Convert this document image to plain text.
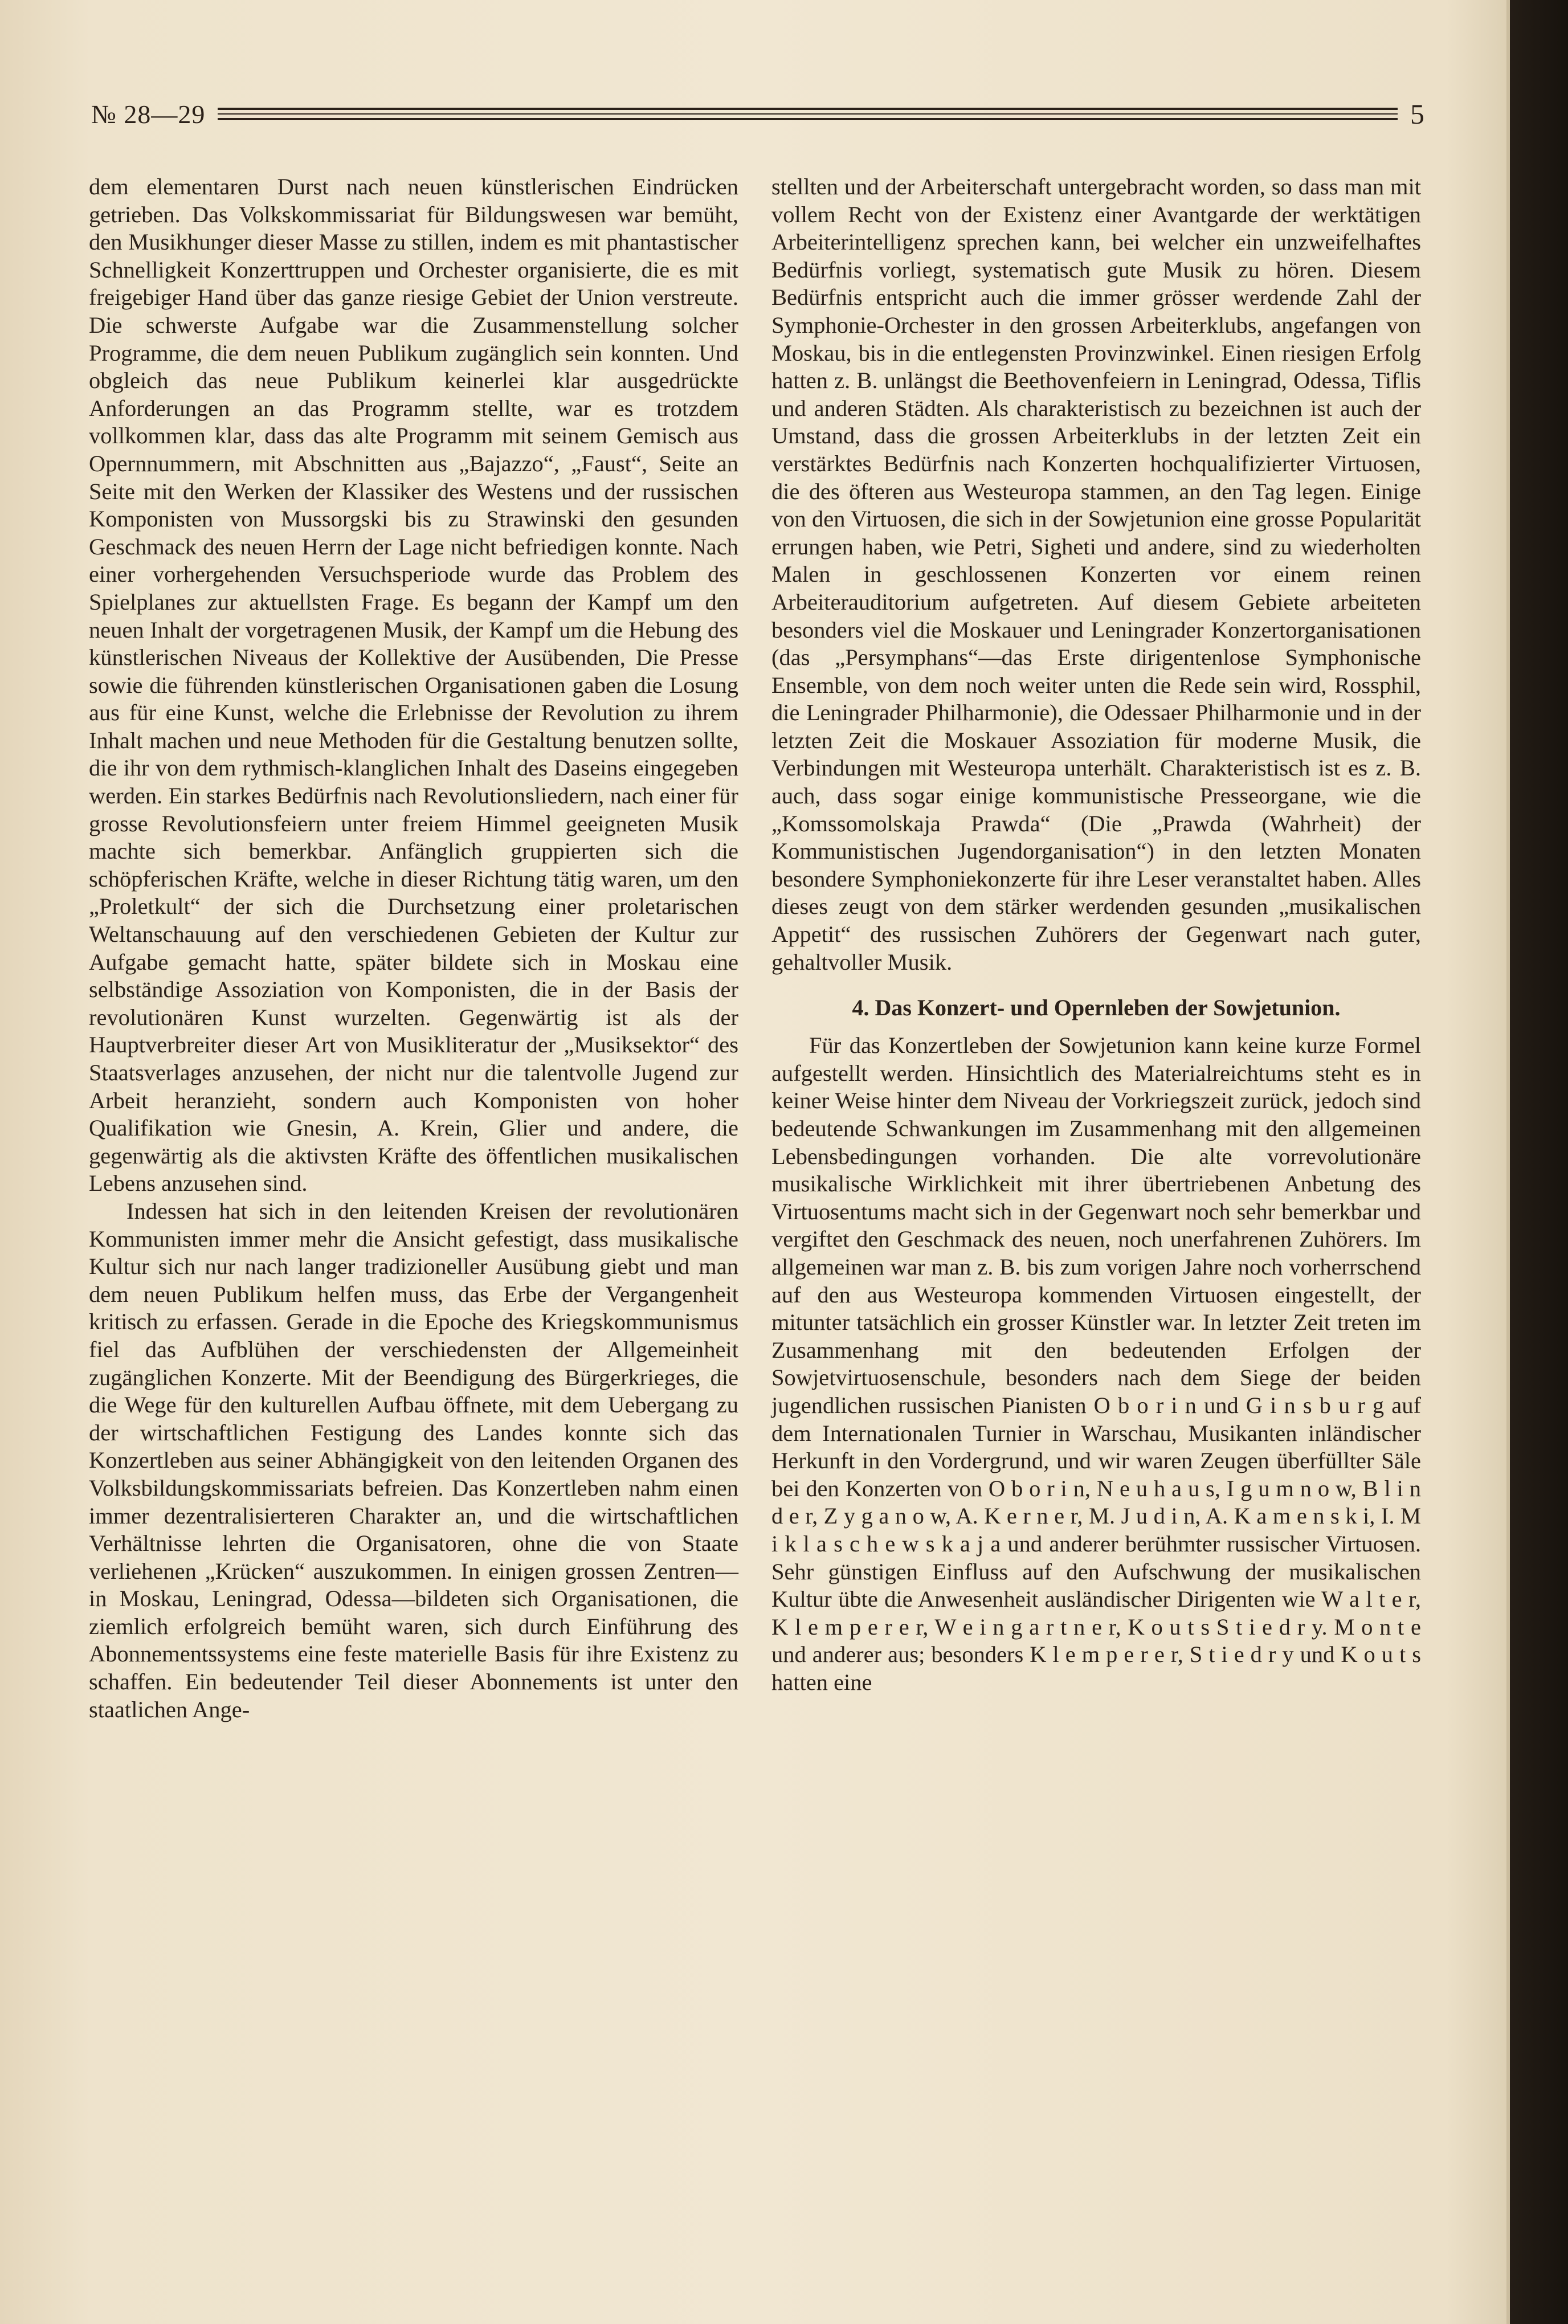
№ 28—29	5

dem elementaren Durst nach neuen künstlerischen Eindrücken getrieben. Das Volkskommissariat für Bildungswesen war bemüht, den Musikhunger dieser Masse zu stillen, indem es mit phantastischer Schnelligkeit Konzerttruppen und Orchester organisierte, die es mit freigebiger Hand über das ganze riesige Gebiet der Union verstreute. Die schwerste Aufgabe war die Zusammenstellung solcher Programme, die dem neuen Publikum zugänglich sein konnten. Und obgleich das neue Publikum keinerlei klar ausgedrückte Anforderungen an das Programm stellte, war es trotzdem vollkommen klar, dass das alte Programm mit seinem Gemisch aus Opernnummern, mit Abschnitten aus „Bajazzo“, „Faust“, Seite an Seite mit den Werken der Klassiker des Westens und der russischen Komponisten von Mussorgski bis zu Strawinski den gesunden Geschmack des neuen Herrn der Lage nicht befriedigen konnte. Nach einer vorhergehenden Versuchsperiode wurde das Problem des Spielplanes zur aktuellsten Frage. Es begann der Kampf um den neuen Inhalt der vorgetragenen Musik, der Kampf um die Hebung des künstlerischen Niveaus der Kollektive der Ausübenden, Die Presse sowie die führenden künstlerischen Organisationen gaben die Losung aus für eine Kunst, welche die Erlebnisse der Revolution zu ihrem Inhalt machen und neue Methoden für die Gestaltung benutzen sollte, die ihr von dem rythmisch-klanglichen Inhalt des Daseins eingegeben werden. Ein starkes Bedürfnis nach Revolutionsliedern, nach einer für grosse Revolutionsfeiern unter freiem Himmel geeigneten Musik machte sich bemerkbar. Anfänglich gruppierten sich die schöpferischen Kräfte, welche in dieser Richtung tätig waren, um den „Proletkult“ der sich die Durchsetzung einer proletarischen Weltanschauung auf den verschiedenen Gebieten der Kultur zur Aufgabe gemacht hatte, später bildete sich in Moskau eine selbständige Assoziation von Komponisten, die in der Basis der revolutionären Kunst wurzelten. Gegenwärtig ist als der Hauptverbreiter dieser Art von Musikliteratur der „Musiksektor“ des Staatsverlages anzusehen, der nicht nur die talentvolle Jugend zur Arbeit heranzieht, sondern auch Komponisten von hoher Qualifikation wie Gnesin, A. Krein, Glier und andere, die gegenwärtig als die aktivsten Kräfte des öffentlichen musikalischen Lebens anzusehen sind.

Indessen hat sich in den leitenden Kreisen der revolutionären Kommunisten immer mehr die Ansicht gefestigt, dass musikalische Kultur sich nur nach langer tradizioneller Ausübung giebt und man dem neuen Publikum helfen muss, das Erbe der Vergangenheit kritisch zu erfassen. Gerade in die Epoche des Kriegskommunismus fiel das Aufblühen der verschiedensten der Allgemeinheit zugänglichen Konzerte. Mit der Beendigung des Bürgerkrieges, die die Wege für den kulturellen Aufbau öffnete, mit dem Uebergang zu der wirtschaftlichen Festigung des Landes konnte sich das Konzertleben aus seiner Abhängigkeit von den leitenden Organen des Volksbildungskommissariats befreien. Das Konzertleben nahm einen immer dezentralisierteren Charakter an, und die wirtschaftlichen Verhältnisse lehrten die Organisatoren, ohne die von Staate verliehenen „Krücken“ auszukommen. In einigen grossen Zentren—in Moskau, Leningrad, Odessa—bildeten sich Organisationen, die ziemlich erfolgreich bemüht waren, sich durch Einführung des Abonnementssystems eine feste materielle Basis für ihre Existenz zu schaffen. Ein bedeutender Teil dieser Abonnements ist unter den staatlichen Ange-

stellten und der Arbeiterschaft untergebracht worden, so dass man mit vollem Recht von der Existenz einer Avantgarde der werktätigen Arbeiterintelligenz sprechen kann, bei welcher ein unzweifelhaftes Bedürfnis vorliegt, systematisch gute Musik zu hören. Diesem Bedürfnis entspricht auch die immer grösser werdende Zahl der Symphonie-Orchester in den grossen Arbeiterklubs, angefangen von Moskau, bis in die entlegensten Provinzwinkel. Einen riesigen Erfolg hatten z. B. unlängst die Beethovenfeiern in Leningrad, Odessa, Tiflis und anderen Städten. Als charakteristisch zu bezeichnen ist auch der Umstand, dass die grossen Arbeiterklubs in der letzten Zeit ein verstärktes Bedürfnis nach Konzerten hochqualifizierter Virtuosen, die des öfteren aus Westeuropa stammen, an den Tag legen. Einige von den Virtuosen, die sich in der Sowjetunion eine grosse Popularität errungen haben, wie Petri, Sigheti und andere, sind zu wiederholten Malen in geschlossenen Konzerten vor einem reinen Arbeiterauditorium aufgetreten. Auf diesem Gebiete arbeiteten besonders viel die Moskauer und Leningrader Konzertorganisationen (das „Persymphans“—das Erste dirigentenlose Symphonische Ensemble, von dem noch weiter unten die Rede sein wird, Rossphil, die Leningrader Philharmonie), die Odessaer Philharmonie und in der letzten Zeit die Moskauer Assoziation für moderne Musik, die Verbindungen mit Westeuropa unterhält. Charakteristisch ist es z. B. auch, dass sogar einige kommunistische Presseorgane, wie die „Komssomolskaja Prawda“ (Die „Prawda (Wahrheit) der Kommunistischen Jugendorganisation“) in den letzten Monaten besondere Symphoniekonzerte für ihre Leser veranstaltet haben. Alles dieses zeugt von dem stärker werdenden gesunden „musikalischen Appetit“ des russischen Zuhörers der Gegenwart nach guter, gehaltvoller Musik.

4. Das Konzert- und Opernleben der Sowjetunion.

Für das Konzertleben der Sowjetunion kann keine kurze Formel aufgestellt werden. Hinsichtlich des Materialreichtums steht es in keiner Weise hinter dem Niveau der Vorkriegszeit zurück, jedoch sind bedeutende Schwankungen im Zusammenhang mit den allgemeinen Lebensbedingungen vorhanden. Die alte vorrevolutionäre musikalische Wirklichkeit mit ihrer übertriebenen Anbetung des Virtuosentums macht sich in der Gegenwart noch sehr bemerkbar und vergiftet den Geschmack des neuen, noch unerfahrenen Zuhörers. Im allgemeinen war man z. B. bis zum vorigen Jahre noch vorherrschend auf den aus Westeuropa kommenden Virtuosen eingestellt, der mitunter tatsächlich ein grosser Künstler war. In letzter Zeit treten im Zusammenhang mit den bedeutenden Erfolgen der Sowjetvirtuosenschule, besonders nach dem Siege der beiden jugendlichen russischen Pianisten O b o r i n und G i n s b u r g auf dem Internationalen Turnier in Warschau, Musikanten inländischer Herkunft in den Vordergrund, und wir waren Zeugen überfüllter Säle bei den Konzerten von O b o r i n, N e u h a u s, I g u m n o w, B l i n d e r, Z y g a n o w, A. K e r n e r, M. J u d i n, A. K a m e n s k i, I. M i k l a s c h e w s k a j a und anderer berühmter russischer Virtuosen. Sehr günstigen Einfluss auf den Aufschwung der musikalischen Kultur übte die Anwesenheit ausländischer Dirigenten wie W a l t e r, K l e m p e r e r, W e i n g a r t n e r, K o u t s S t i e d r y. M o n t e und anderer aus; besonders K l e m p e r e r, S t i e d r y und K o u t s hatten eine
